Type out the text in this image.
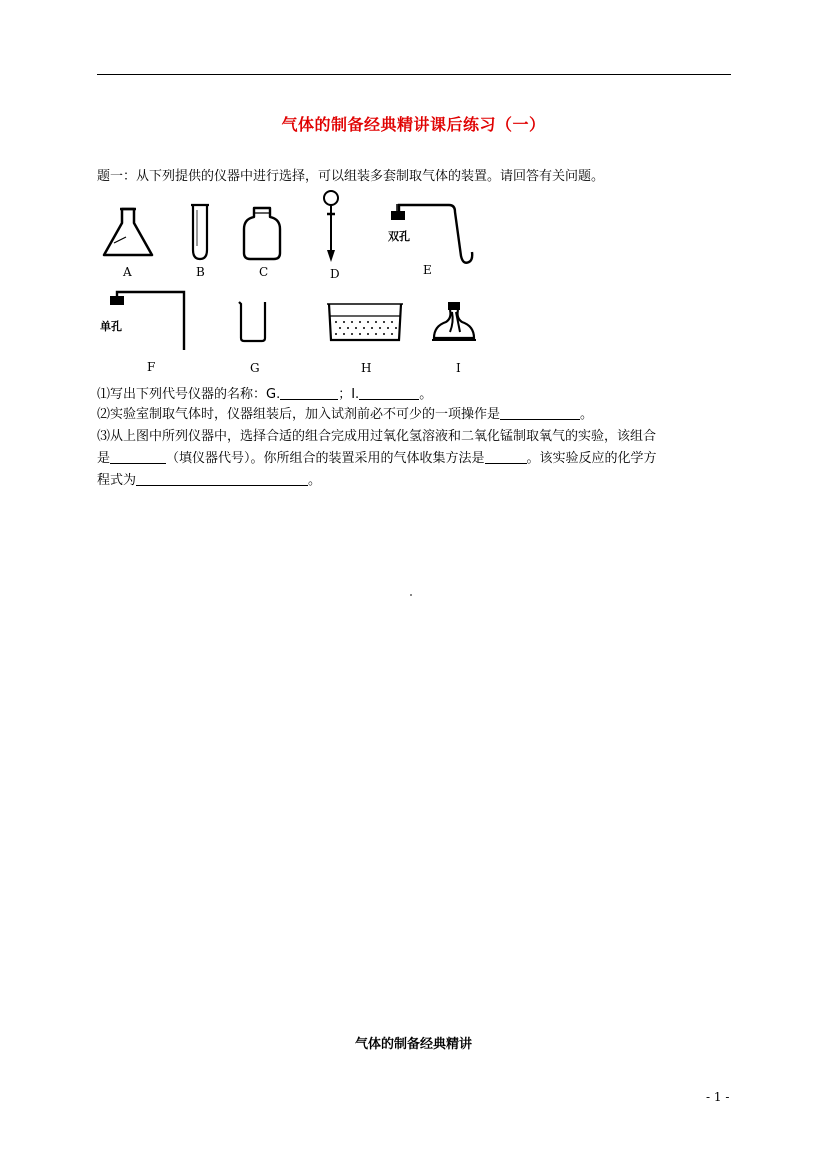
气体的制备经典精讲课后练习（一）
题一：从下列提供的仪器中进行选择，可以组装多套制取气体的装置。请回答有关问题。
A	B	C	D
双孔
E
单孔
F	G	H	I
⑴写出下列代号仪器的名称：G.	；I.	。
⑵实验室制取气体时，仪器组装后，加入试剂前必不可少的一项操作是	。
⑶从上图中所列仪器中，选择合适的组合完成用过氧化氢溶液和二氧化锰制取氧气的实验，该组合
是	（填仪器代号）。你所组合的装置采用的气体收集方法是	。该实验反应的化学方
程式为	。
气体的制备经典精讲
- 1 -
